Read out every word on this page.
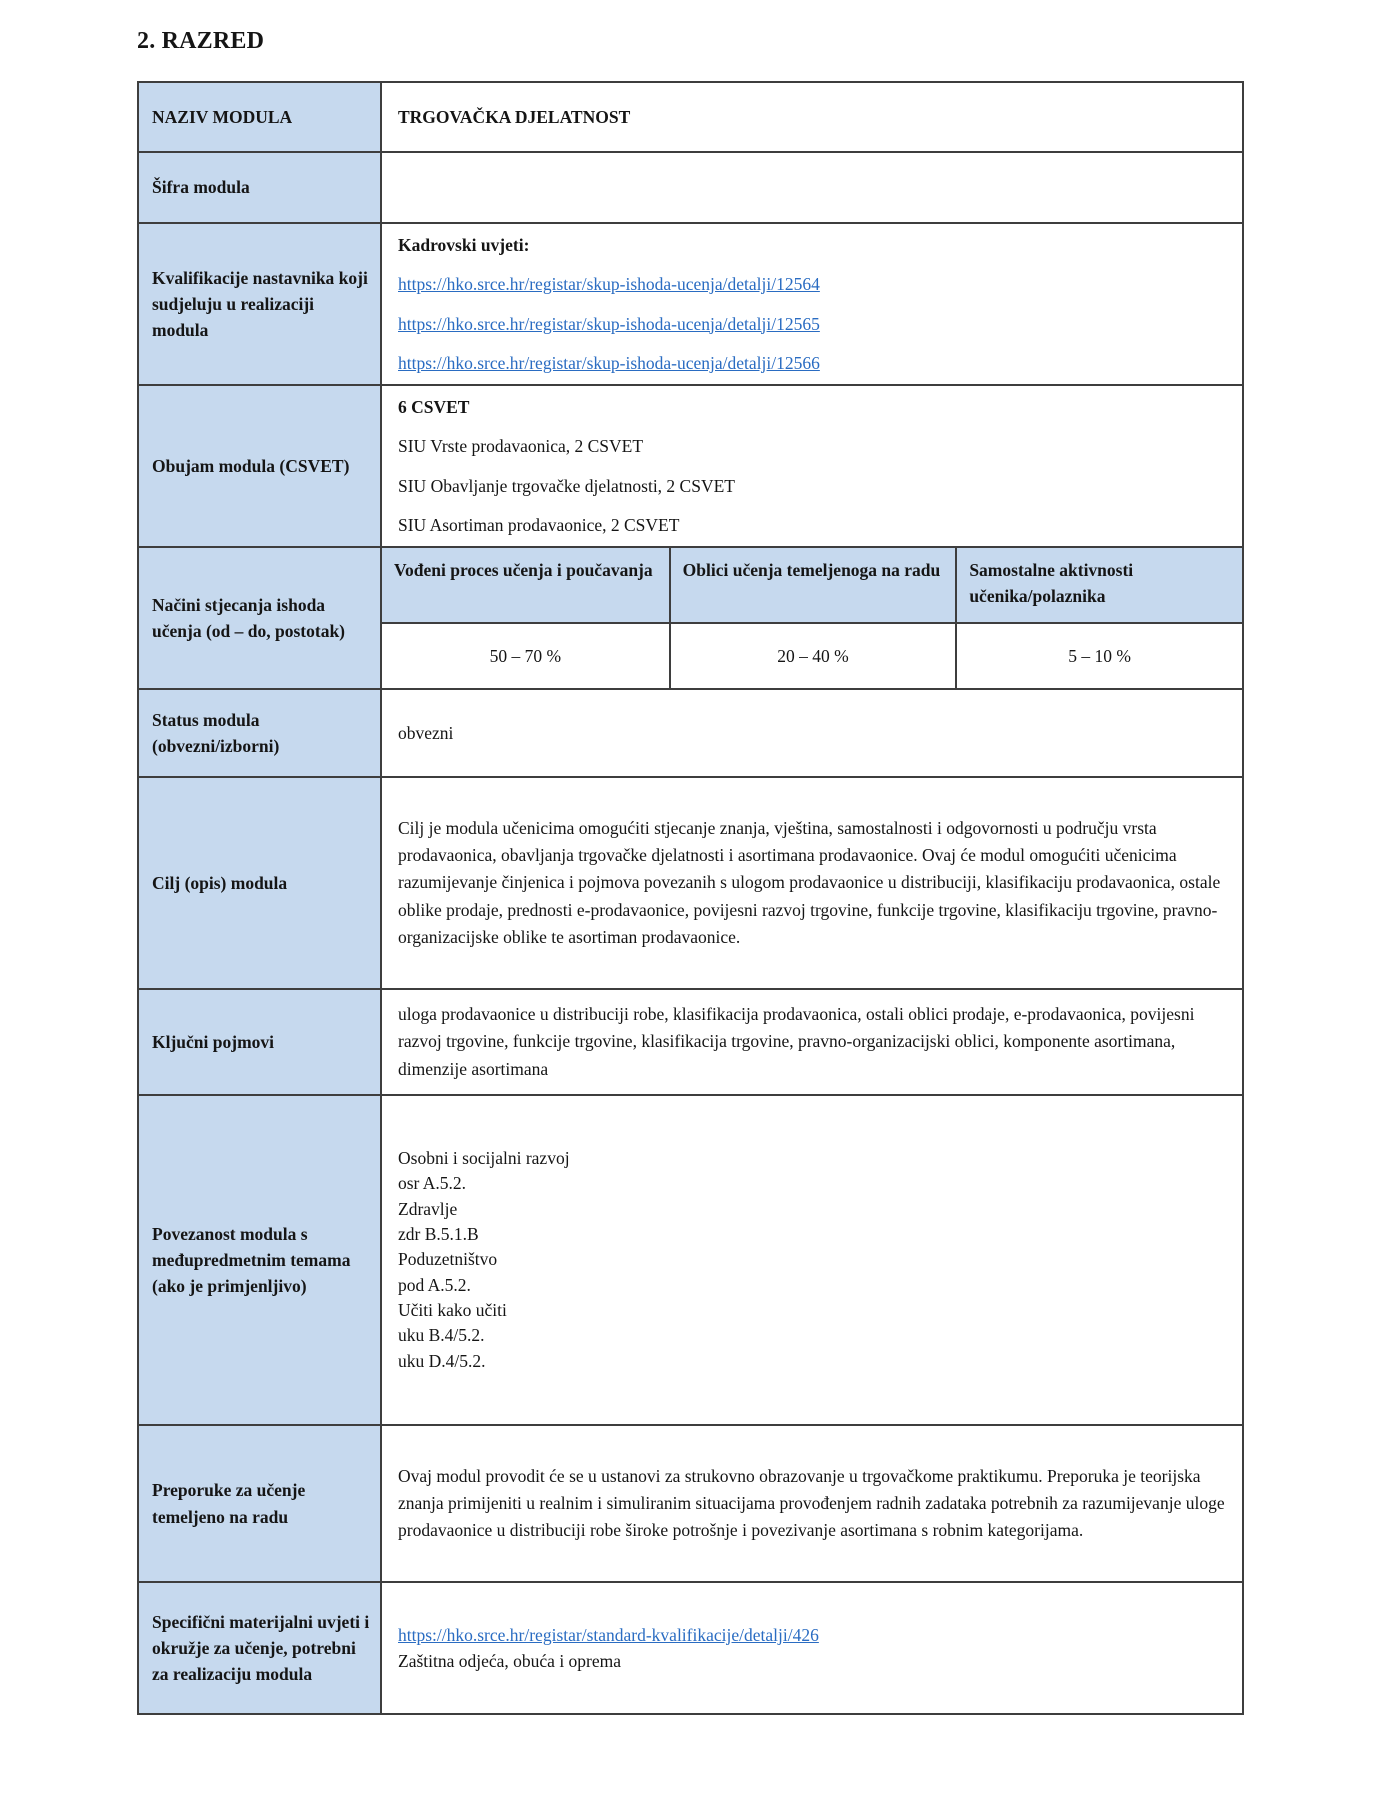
2. RAZRED
NAZIV MODULA	TRGOVAČKA DJELATNOST

Šifra modula	
Kvalifikacije nastavnika koji sudjeluju u realizaciji modula	Kadrovski uvjeti:

https://hko.srce.hr/registar/skup-ishoda-ucenja/detalji/12564

https://hko.srce.hr/registar/skup-ishoda-ucenja/detalji/12565

https://hko.srce.hr/registar/skup-ishoda-ucenja/detalji/12566

Obujam modula (CSVET)	6 CSVET

SIU Vrste prodavaonica, 2 CSVET

SIU Obavljanje trgovačke djelatnosti, 2 CSVET

SIU Asortiman prodavaonice, 2 CSVET

Načini stjecanja ishoda učenja (od – do, postotak)	
Vođeni proces učenja i poučavanja	Oblici učenja temeljenoga na radu	Samostalne aktivnosti učenika/polaznika
50 – 70 %	20 – 40 %	5 – 10 %

Status modula (obvezni/izborni)	obvezni

Cilj (opis) modula	Cilj je modula učenicima omogućiti stjecanje znanja, vještina, samostalnosti i odgovornosti u području vrsta prodavaonica, obavljanja trgovačke djelatnosti i asortimana prodavaonice. Ovaj će modul omogućiti učenicima razumijevanje činjenica i pojmova povezanih s ulogom prodavaonice u distribuciji, klasifikaciju prodavaonica, ostale oblike prodaje, prednosti e-prodavaonice, povijesni razvoj trgovine, funkcije trgovine, klasifikaciju trgovine, pravno-organizacijske oblike te asortiman prodavaonice.

Ključni pojmovi	uloga prodavaonice u distribuciji robe, klasifikacija prodavaonica, ostali oblici prodaje, e-prodavaonica, povijesni razvoj trgovine, funkcije trgovine, klasifikacija trgovine, pravno-organizacijski oblici, komponente asortimana, dimenzije asortimana

Povezanost modula s međupredmetnim temama (ako je primjenljivo)	

Osobni i socijalni razvoj

osr A.5.2.

Zdravlje

zdr B.5.1.B

Poduzetništvo

pod A.5.2.

Učiti kako učiti

uku B.4/5.2.

uku D.4/5.2.

Preporuke za učenje temeljeno na radu	Ovaj modul provodit će se u ustanovi za strukovno obrazovanje u trgovačkome praktikumu. Preporuka je teorijska znanja primijeniti u realnim i simuliranim situacijama provođenjem radnih zadataka potrebnih za razumijevanje uloge prodavaonice u distribuciji robe široke potrošnje i povezivanje asortimana s robnim kategorijama.

Specifični materijalni uvjeti i okružje za učenje, potrebni za realizaciju modula	https://hko.srce.hr/registar/standard-kvalifikacije/detalji/426

Zaštitna odjeća, obuća i oprema
